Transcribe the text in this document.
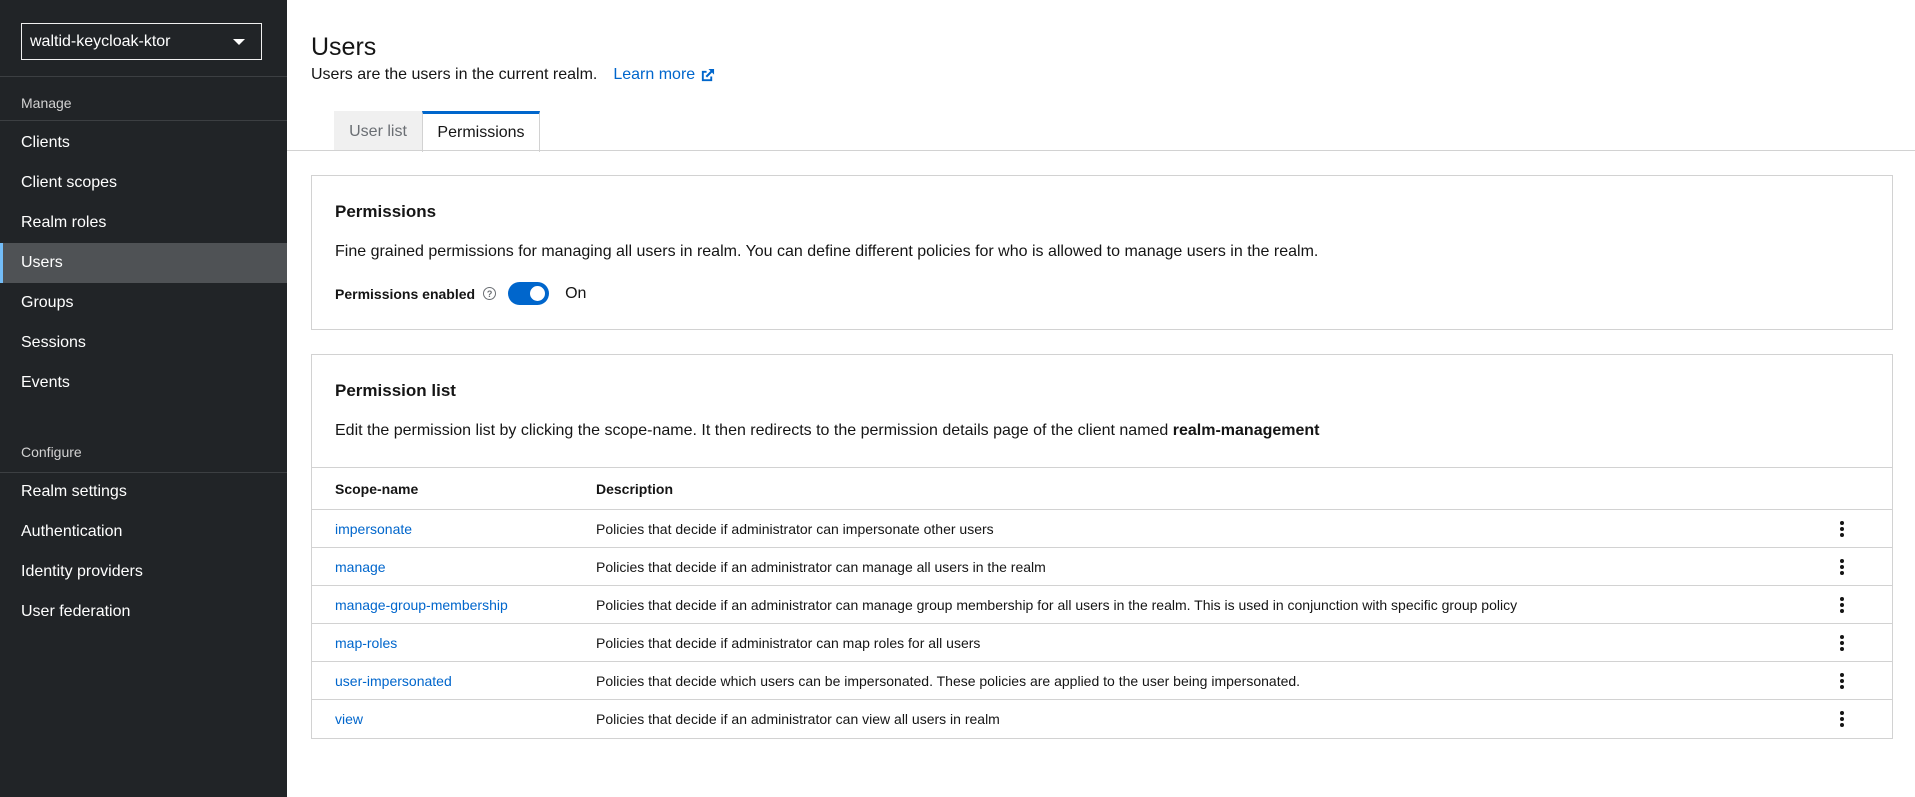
waltid-keycloak-ktor
Manage
Clients
Client scopes
Realm roles
Users
Groups
Sessions
Events
Configure
Realm settings
Authentication
Identity providers
User federation
Users
Users are the users in the current realm. Learn more
User list	Permissions
Permissions
Fine grained permissions for managing all users in realm. You can define different policies for who is allowed to manage users in the realm.
Permissions enabled	?	On
Permission list
Edit the permission list by clicking the scope-name. It then redirects to the permission details page of the client named realm-management
Scope-name	Description
impersonate	Policies that decide if administrator can impersonate other users
manage	Policies that decide if an administrator can manage all users in the realm
manage-group-membership	Policies that decide if an administrator can manage group membership for all users in the realm. This is used in conjunction with specific group policy
map-roles	Policies that decide if administrator can map roles for all users
user-impersonated	Policies that decide which users can be impersonated. These policies are applied to the user being impersonated.
view	Policies that decide if an administrator can view all users in realm
